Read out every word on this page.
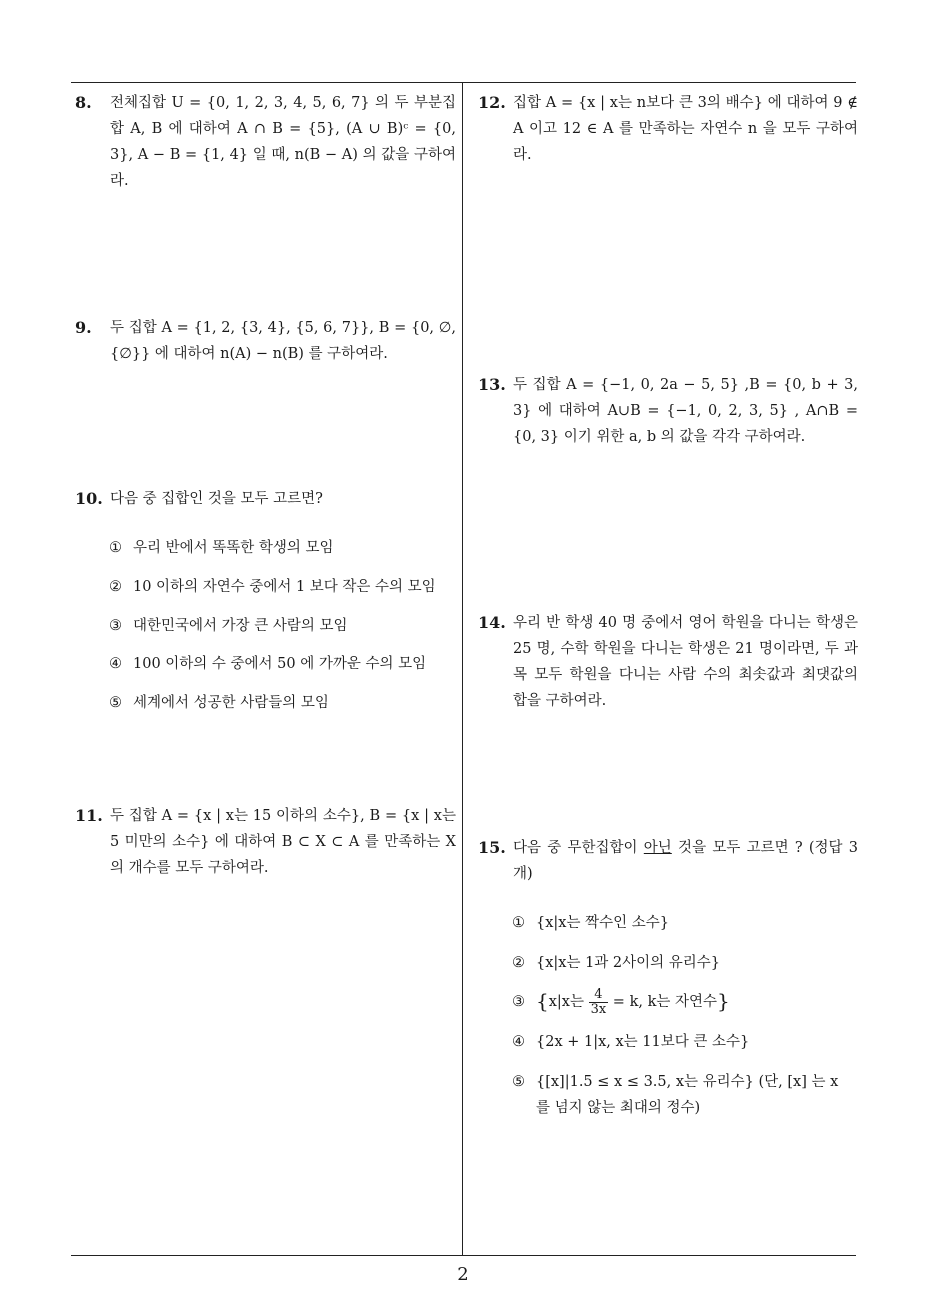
8. 전체집합 U = {0, 1, 2, 3, 4, 5, 6, 7} 의 두 부분집합 A, B 에 대하여 A ∩ B = {5}, (A ∪ B)ᶜ = {0, 3}, A − B = {1, 4} 일 때, n(B − A) 의 값을 구하여라.
9. 두 집합 A = {1, 2, {3, 4}, {5, 6, 7}}, B = {0, ∅, {∅}} 에 대하여 n(A) − n(B) 를 구하여라.
10. 다음 중 집합인 것을 모두 고르면?
① 우리 반에서 똑똑한 학생의 모임
② 10 이하의 자연수 중에서 1 보다 작은 수의 모임
③ 대한민국에서 가장 큰 사람의 모임
④ 100 이하의 수 중에서 50 에 가까운 수의 모임
⑤ 세계에서 성공한 사람들의 모임
11. 두 집합 A = {x | x는 15 이하의 소수}, B = {x | x는 5 미만의 소수} 에 대하여 B ⊂ X ⊂ A 를 만족하는 X 의 개수를 모두 구하여라.
12. 집합 A = {x | x는 n보다 큰 3의 배수} 에 대하여 9 ∉ A 이고 12 ∈ A 를 만족하는 자연수 n 을 모두 구하여라.
13. 두 집합 A = {−1, 0, 2a − 5, 5} ,B = {0, b + 3, 3} 에 대하여 A∪B = {−1, 0, 2, 3, 5} , A∩B = {0, 3} 이기 위한 a, b 의 값을 각각 구하여라.
14. 우리 반 학생 40 명 중에서 영어 학원을 다니는 학생은 25 명, 수학 학원을 다니는 학생은 21 명이라면, 두 과목 모두 학원을 다니는 사람 수의 최솟값과 최댓값의 합을 구하여라.
15. 다음 중 무한집합이 아닌 것을 모두 고르면 ? (정답 3 개)
① {x|x는 짝수인 소수}
② {x|x는 1과 2사이의 유리수}
③ {x|x는 $\frac{4}{3x} = k$, k는 자연수}
④ {2x + 1|x, x는 11보다 큰 소수}
⑤ {[x]|1.5 ≤ x ≤ 3.5, x는 유리수} (단, [x] 는 x
를 넘지 않는 최대의 정수)
2
